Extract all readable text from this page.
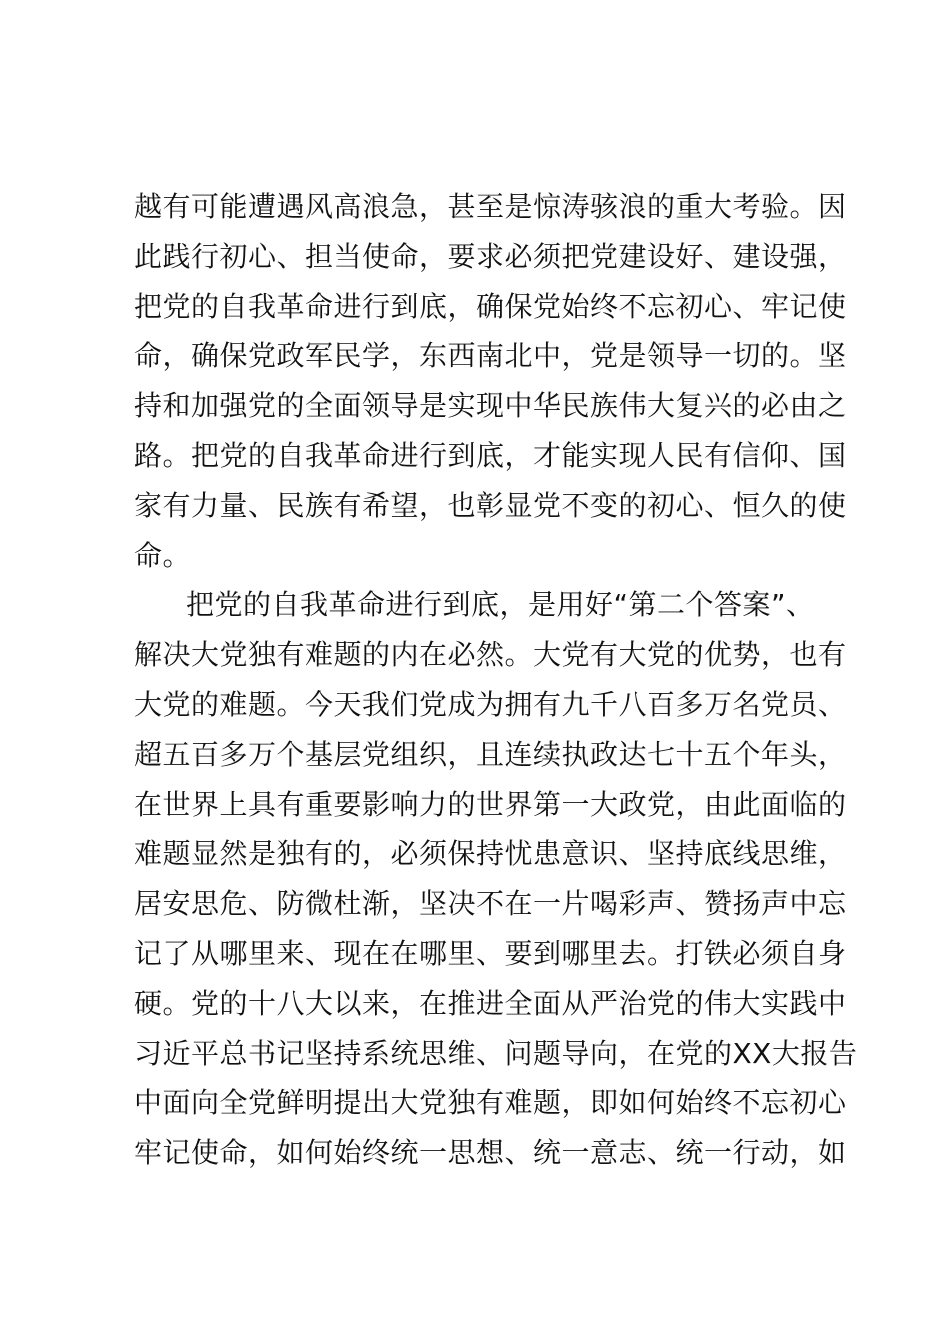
越有可能遭遇风高浪急，甚至是惊涛骇浪的重大考验。因
此践行初心、担当使命，要求必须把党建设好、建设强，
把党的自我革命进行到底，确保党始终不忘初心、牢记使
命，确保党政军民学，东西南北中，党是领导一切的。坚
持和加强党的全面领导是实现中华民族伟大复兴的必由之
路。把党的自我革命进行到底，才能实现人民有信仰、国
家有力量、民族有希望，也彰显党不变的初心、恒久的使
命。
把党的自我革命进行到底，是用好“第二个答案”、
解决大党独有难题的内在必然。大党有大党的优势，也有
大党的难题。今天我们党成为拥有九千八百多万名党员、
超五百多万个基层党组织，且连续执政达七十五个年头，
在世界上具有重要影响力的世界第一大政党，由此面临的
难题显然是独有的，必须保持忧患意识、坚持底线思维，
居安思危、防微杜渐，坚决不在一片喝彩声、赞扬声中忘
记了从哪里来、现在在哪里、要到哪里去。打铁必须自身
硬。党的十八大以来，在推进全面从严治党的伟大实践中
习近平总书记坚持系统思维、问题导向，在党的XX大报告
中面向全党鲜明提出大党独有难题，即如何始终不忘初心
牢记使命，如何始终统一思想、统一意志、统一行动，如
